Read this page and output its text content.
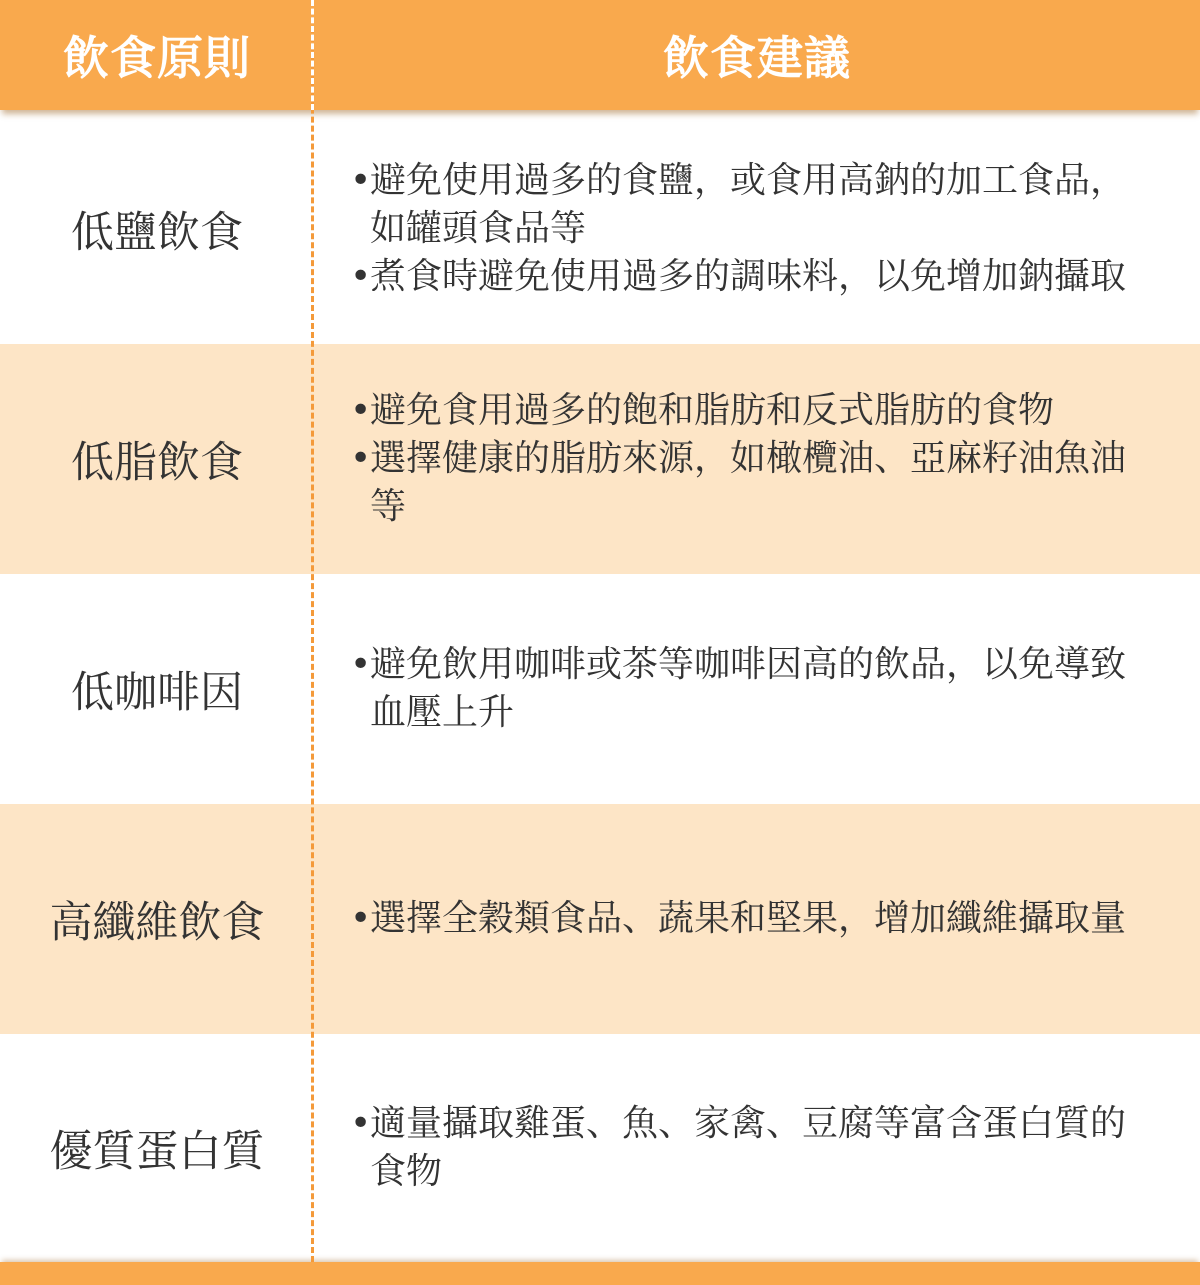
飲食原則	飲食建議
低鹽飲食
•
避免使用過多的食鹽，或食用高鈉的加工食品，如罐頭食品等
•
煮食時避免使用過多的調味料，以免增加鈉攝取
低脂飲食
•
避免食用過多的飽和脂肪和反式脂肪的食物
•
選擇健康的脂肪來源，如橄欖油、亞麻籽油魚油等
低咖啡因
•
避免飲用咖啡或茶等咖啡因高的飲品，以免導致血壓上升
高纖維飲食	•
選擇全穀類食品、蔬果和堅果，增加纖維攝取量
優質蛋白質
•
適量攝取雞蛋、魚、家禽、豆腐等富含蛋白質的食物
